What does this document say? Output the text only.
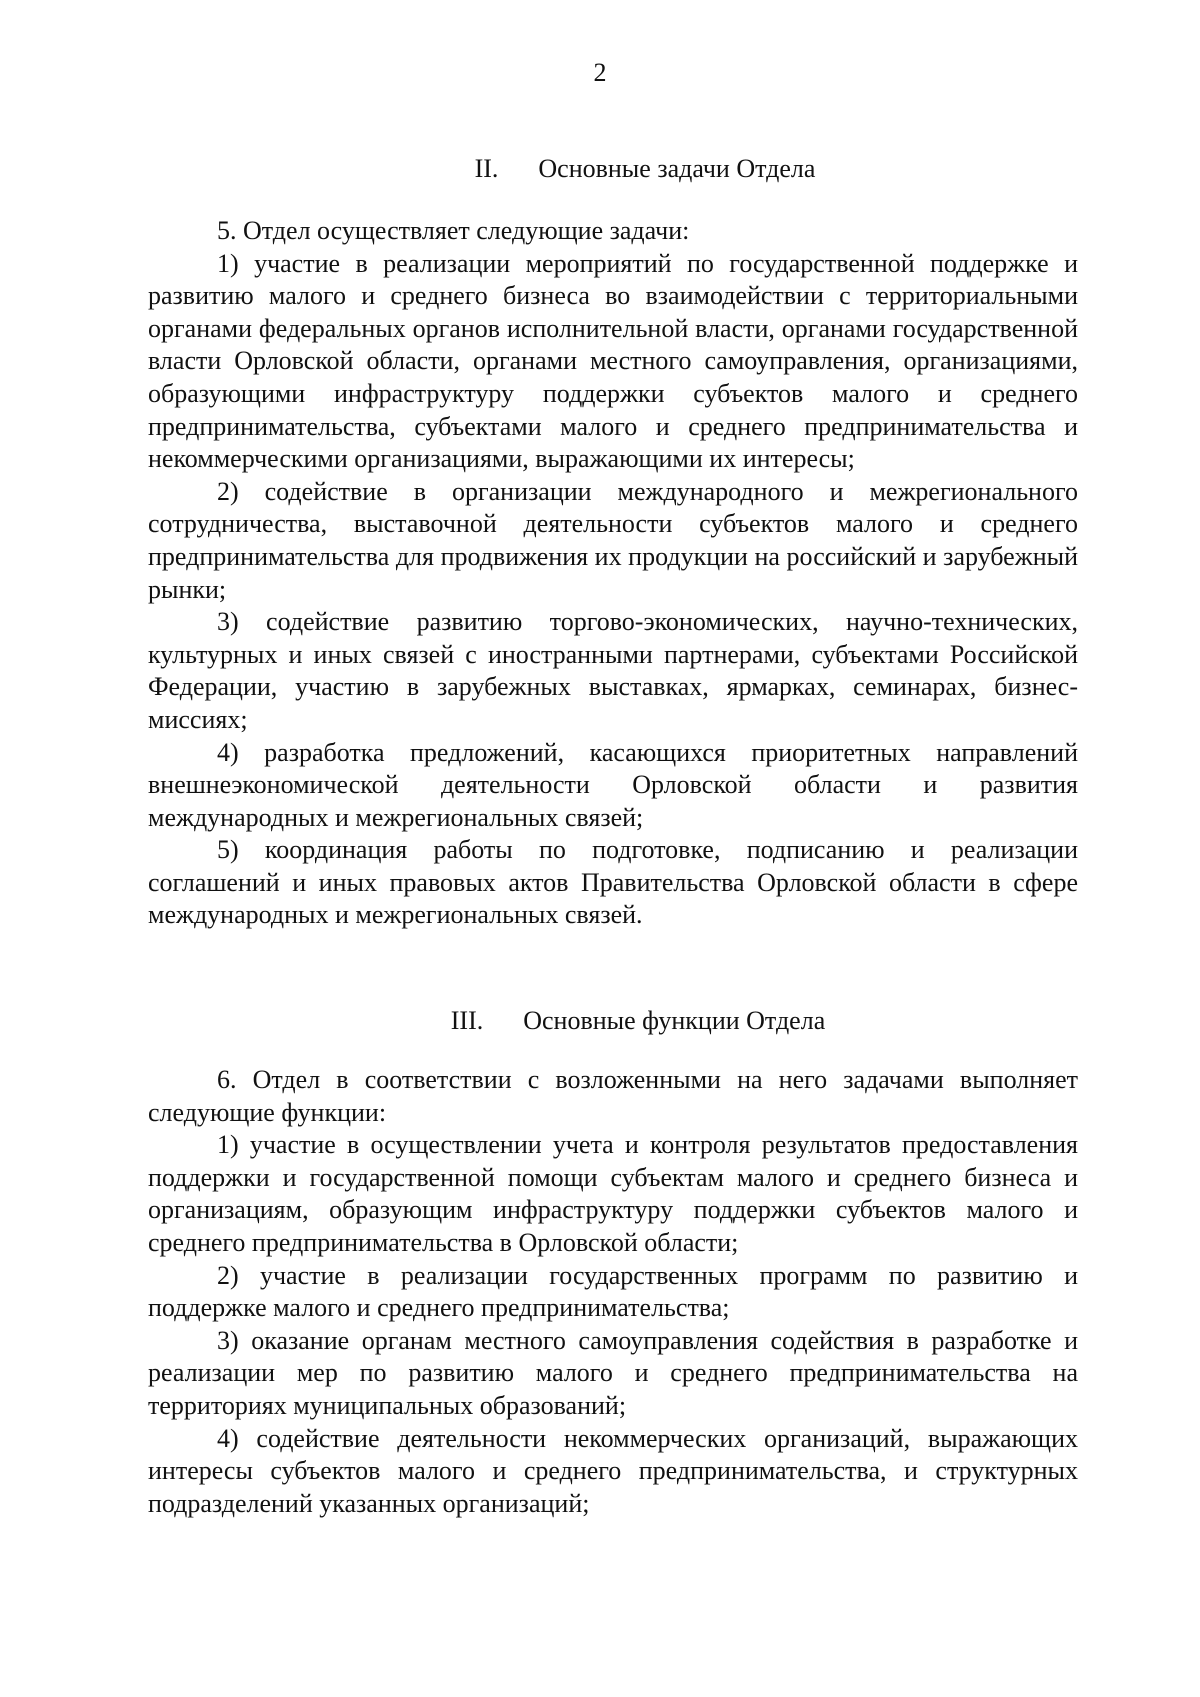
2
II. Основные задачи Отдела

5. Отдел осуществляет следующие задачи:

1) участие в реализации мероприятий по государственной поддержке и развитию малого и среднего бизнеса во взаимодействии с территориальными органами федеральных органов исполнительной власти, органами государственной власти Орловской области, органами местного самоуправления, организациями, образующими инфраструктуру поддержки субъектов малого и среднего предпринимательства, субъектами малого и среднего предпринимательства и некоммерческими организациями, выражающими их интересы;

2) содействие в организации международного и межрегионального сотрудничества, выставочной деятельности субъектов малого и среднего предпринимательства для продвижения их продукции на российский и зарубежный рынки;

3) содействие развитию торгово-экономических, научно-технических, культурных и иных связей с иностранными партнерами, субъектами Российской Федерации, участию в зарубежных выставках, ярмарках, семинарах, бизнес-миссиях;

4) разработка предложений, касающихся приоритетных направлений внешнеэкономической деятельности Орловской области и развития международных и межрегиональных связей;

5) координация работы по подготовке, подписанию и реализации соглашений и иных правовых актов Правительства Орловской области в сфере международных и межрегиональных связей.

III. Основные функции Отдела

6. Отдел в соответствии с возложенными на него задачами выполняет следующие функции:

1) участие в осуществлении учета и контроля результатов предоставления поддержки и государственной помощи субъектам малого и среднего бизнеса и организациям, образующим инфраструктуру поддержки субъектов малого и среднего предпринимательства в Орловской области;

2) участие в реализации государственных программ по развитию и поддержке малого и среднего предпринимательства;

3) оказание органам местного самоуправления содействия в разработке и реализации мер по развитию малого и среднего предпринимательства на территориях муниципальных образований;

4) содействие деятельности некоммерческих организаций, выражающих интересы субъектов малого и среднего предпринимательства, и структурных подразделений указанных организаций;
